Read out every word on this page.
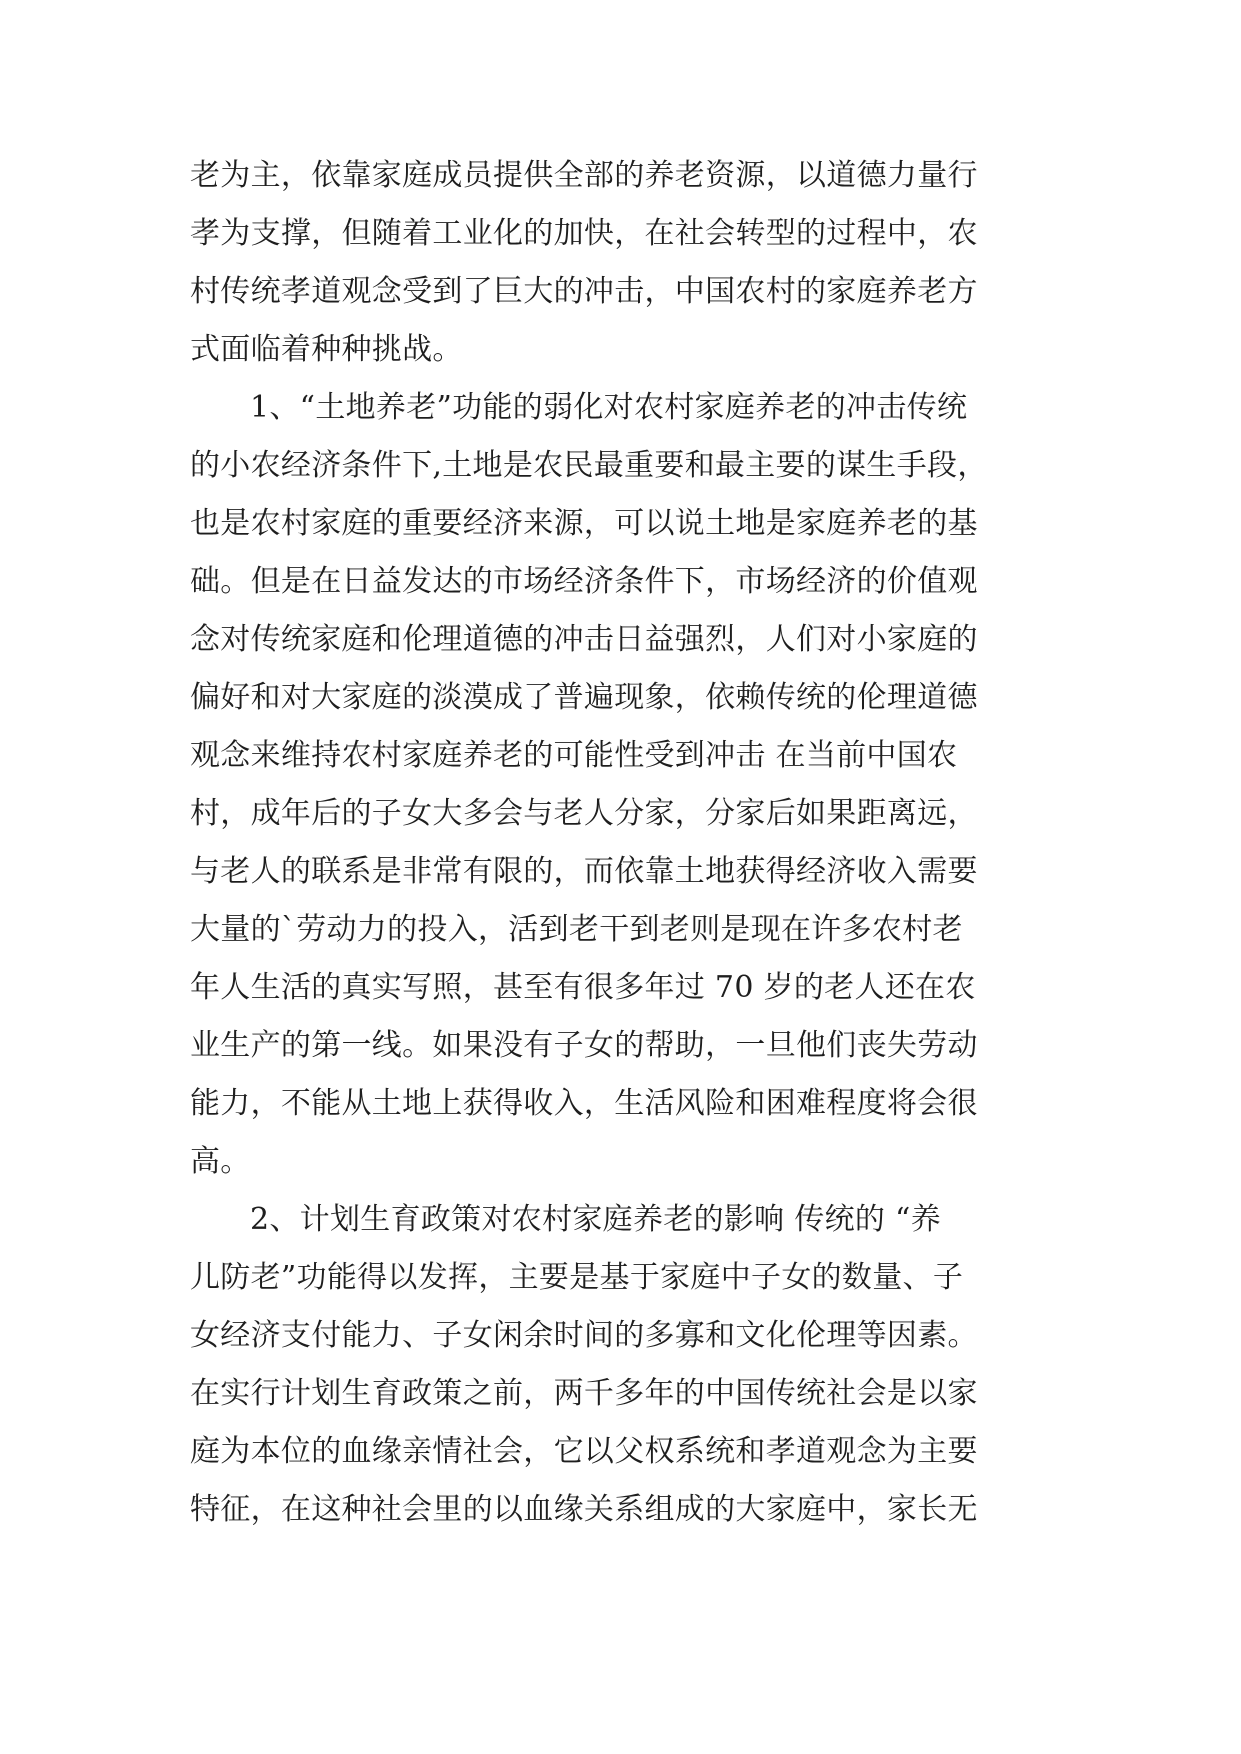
老为主，依靠家庭成员提供全部的养老资源，以道德力量行
孝为支撑，但随着工业化的加快，在社会转型的过程中，农
村传统孝道观念受到了巨大的冲击，中国农村的家庭养老方
式面临着种种挑战。
1、“土地养老”功能的弱化对农村家庭养老的冲击传统
的小农经济条件下,土地是农民最重要和最主要的谋生手段，
也是农村家庭的重要经济来源，可以说土地是家庭养老的基
础。但是在日益发达的市场经济条件下，市场经济的价值观
念对传统家庭和伦理道德的冲击日益强烈，人们对小家庭的
偏好和对大家庭的淡漠成了普遍现象，依赖传统的伦理道德
观念来维持农村家庭养老的可能性受到冲击 在当前中国农
村，成年后的子女大多会与老人分家，分家后如果距离远，
与老人的联系是非常有限的，而依靠土地获得经济收入需要
大量的`劳动力的投入，活到老干到老则是现在许多农村老
年人生活的真实写照，甚至有很多年过 70 岁的老人还在农
业生产的第一线。如果没有子女的帮助，一旦他们丧失劳动
能力，不能从土地上获得收入，生活风险和困难程度将会很
高。
2、计划生育政策对农村家庭养老的影响 传统的 “养
儿防老”功能得以发挥，主要是基于家庭中子女的数量、子
女经济支付能力、子女闲余时间的多寡和文化伦理等因素。
在实行计划生育政策之前，两千多年的中国传统社会是以家
庭为本位的血缘亲情社会，它以父权系统和孝道观念为主要
特征，在这种社会里的以血缘关系组成的大家庭中，家长无
